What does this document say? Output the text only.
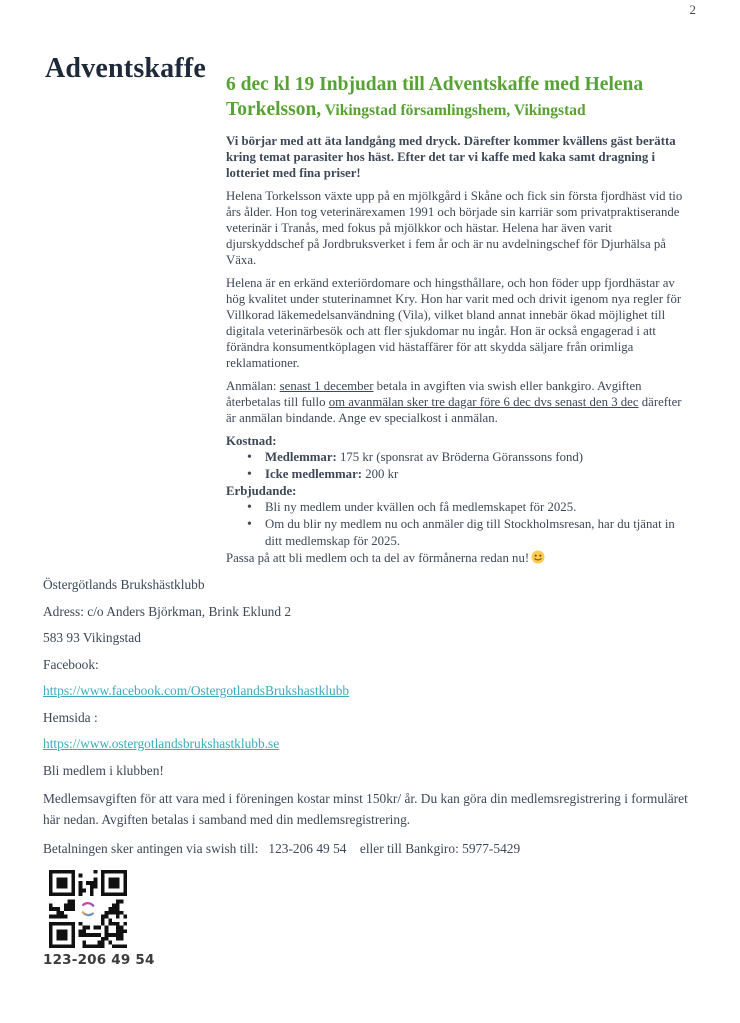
2
Adventskaffe
6 dec kl 19 Inbjudan till Adventskaffe med Helena Torkelsson, Vikingstad församlingshem, Vikingstad

Vi börjar med att äta landgång med dryck. Därefter kommer kvällens gäst berätta kring temat parasiter hos häst. Efter det tar vi kaffe med kaka samt dragning i lotteriet med fina priser!

Helena Torkelsson växte upp på en mjölkgård i Skåne och fick sin första fjordhäst vid tio års ålder. Hon tog veterinärexamen 1991 och började sin karriär som privatpraktiserande veterinär i Tranås, med fokus på mjölkkor och hästar. Helena har även varit djurskyddschef på Jordbruksverket i fem år och är nu avdelningschef för Djurhälsa på Växa.

Helena är en erkänd exteriördomare och hingsthållare, och hon föder upp fjordhästar av hög kvalitet under stuterinamnet Kry. Hon har varit med och drivit igenom nya regler för Villkorad läkemedelsanvändning (Vila), vilket bland annat innebär ökad möjlighet till digitala veterinärbesök och att fler sjukdomar nu ingår. Hon är också engagerad i att förändra konsumentköplagen vid hästaffärer för att skydda säljare från orimliga reklamationer.

Anmälan: senast 1 december betala in avgiften via swish eller bankgiro. Avgiften återbetalas till fullo om avanmälan sker tre dagar före 6 dec dvs senast den 3 dec därefter är anmälan bindande. Ange ev specialkost i anmälan.

Kostnad:

• Medlemmar: 175 kr (sponsrat av Bröderna Göranssons fond)
• Icke medlemmar: 200 kr

Erbjudande:

• Bli ny medlem under kvällen och få medlemskapet för 2025.
• Om du blir ny medlem nu och anmäler dig till Stockholmsresan, har du tjänat in ditt medlemskap för 2025.

Passa på att bli medlem och ta del av förmånerna redan nu!

Östergötlands Brukshästklubb

Adress: c/o Anders Björkman, Brink Eklund 2

583 93 Vikingstad

Facebook:

https://www.facebook.com/OstergotlandsBrukshastklubb

Hemsida :

https://www.ostergotlandsbrukshastklubb.se

Bli medlem i klubben!

Medlemsavgiften för att vara med i föreningen kostar minst 150kr/ år. Du kan göra din medlemsregistrering i formuläret här nedan. Avgiften betalas i samband med din medlemsregistrering.

Betalningen sker antingen via swish till:   123-206 49 54    eller till Bankgiro: 5977-5429

123-206 49 54
